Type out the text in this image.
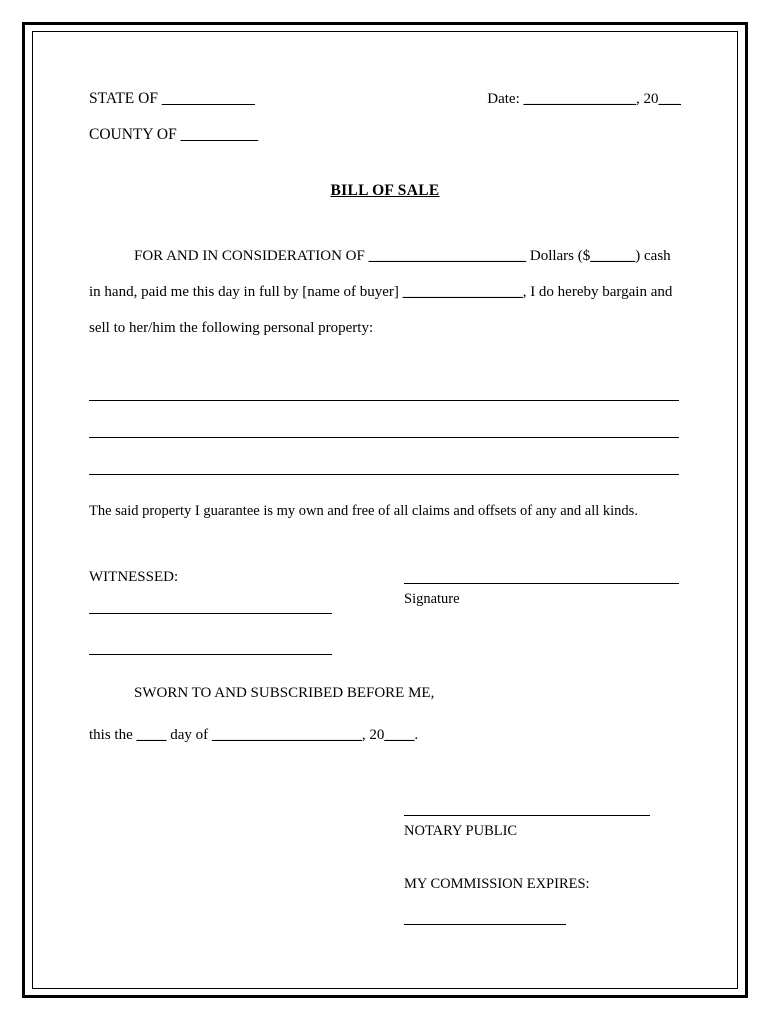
STATE OF ____________	Date: _______________, 20___
COUNTY OF __________
BILL OF SALE
FOR AND IN CONSIDERATION OF _____________________ Dollars ($______) cash
in hand, paid me this day in full by [name of buyer] ________________, I do hereby bargain and
sell to her/him the following personal property:
The said property I guarantee is my own and free of all claims and offsets of any and all kinds.
WITNESSED:
Signature
SWORN TO AND SUBSCRIBED BEFORE ME,
this the ____ day of ____________________, 20____.
NOTARY PUBLIC
MY COMMISSION EXPIRES:
